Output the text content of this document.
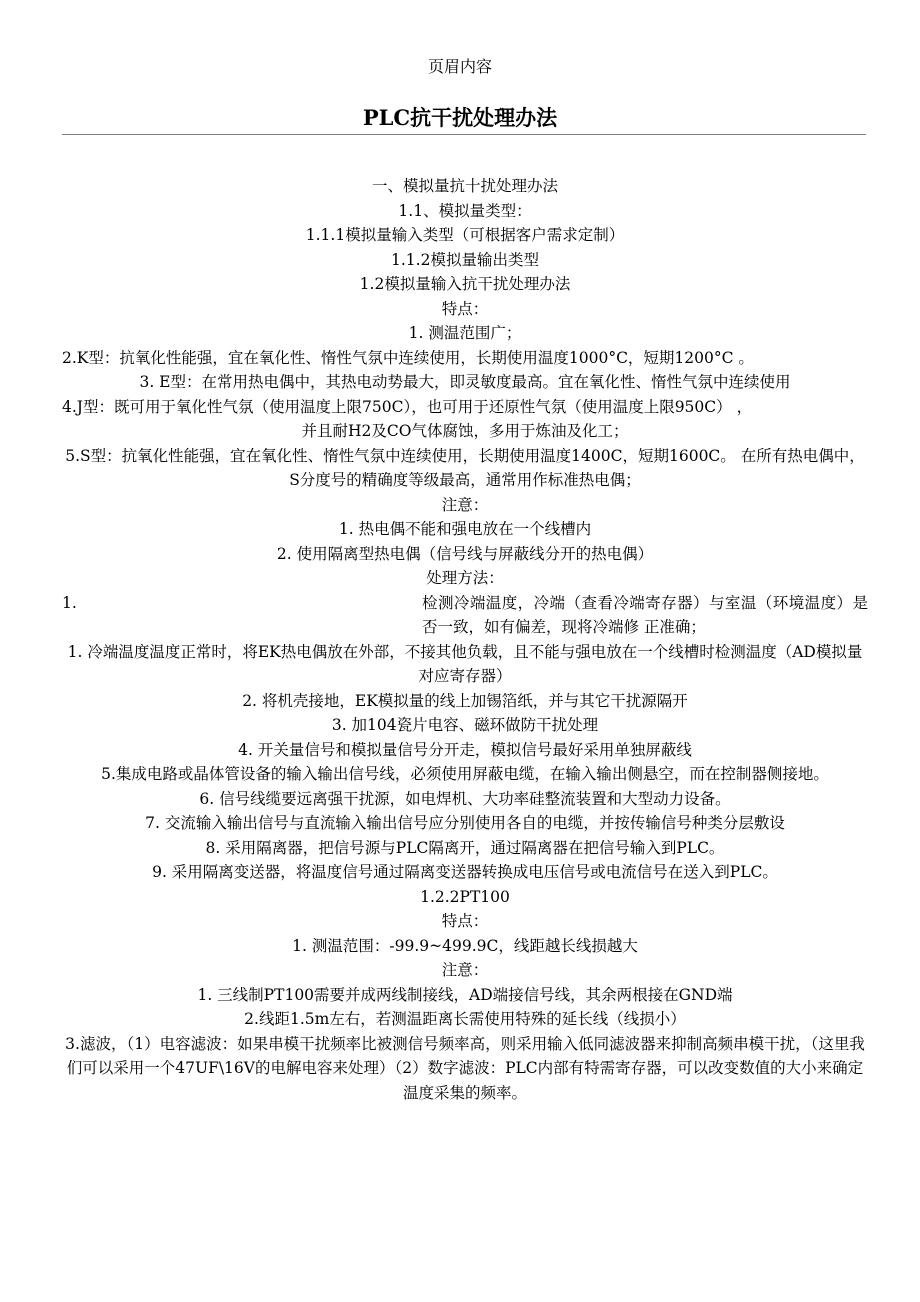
页眉内容
PLC抗干扰处理办法
一、模拟量抗十扰处理办法
1.1、模拟量类型：
1.1.1模拟量输入类型（可根据客户需求定制）
1.1.2模拟量输出类型
1.2模拟量输入抗干扰处理办法
特点：
1. 测温范围广；
2.K型：抗氧化性能强，宜在氧化性、惰性气氛中连续使用，长期使用温度1000°C，短期1200°C 。
3. E型：在常用热电偶中，其热电动势最大，即灵敏度最高。宜在氧化性、惰性气氛中连续使用
4.J型：既可用于氧化性气氛（使用温度上限750C），也可用于还原性气氛（使用温度上限950C） ，
并且耐H2及CO气体腐蚀，多用于炼油及化工；
5.S型：抗氧化性能强，宜在氧化性、惰性气氛中连续使用，长期使用温度1400C，短期1600C。 在所有热电偶中，S分度号的精确度等级最高，通常用作标准热电偶；
注意：
1. 热电偶不能和强电放在一个线槽内
2. 使用隔离型热电偶（信号线与屏蔽线分开的热电偶）
处理方法：
1.	检测冷端温度，冷端（查看冷端寄存器）与室温（环境温度）是否一致，如有偏差，现将冷端修 正准确；
1. 冷端温度温度正常时，将EK热电偶放在外部，不接其他负载，且不能与强电放在一个线槽时检测温度（AD模拟量对应寄存器）
2. 将机壳接地，EK模拟量的线上加锡箔纸，并与其它干扰源隔开
3. 加104瓷片电容、磁环做防干扰处理
4. 开关量信号和模拟量信号分开走，模拟信号最好采用单独屏蔽线
5.集成电路或晶体管设备的输入输出信号线，必须使用屏蔽电缆，在输入输出侧悬空，而在控制器侧接地。
6. 信号线缆要远离强干扰源，如电焊机、大功率硅整流装置和大型动力设备。
7. 交流输入输出信号与直流输入输出信号应分别使用各自的电缆，并按传输信号种类分层敷设
8. 采用隔离器，把信号源与PLC隔离开，通过隔离器在把信号输入到PLC。
9. 采用隔离变送器，将温度信号通过隔离变送器转换成电压信号或电流信号在送入到PLC。
1.2.2PT100
特点：
1. 测温范围：-99.9~499.9C，线距越长线损越大
注意：
1. 三线制PT100需要并成两线制接线，AD端接信号线，其余两根接在GND端
2.线距1.5m左右，若测温距离长需使用特殊的延长线（线损小）
3.滤波，（1）电容滤波：如果串模干扰频率比被测信号频率高，则采用输入低同滤波器来抑制高频串模干扰，（这里我们可以采用一个47UF\16V的电解电容来处理）（2）数字滤波：PLC内部有特需寄存器，可以改变数值的大小来确定温度采集的频率。
